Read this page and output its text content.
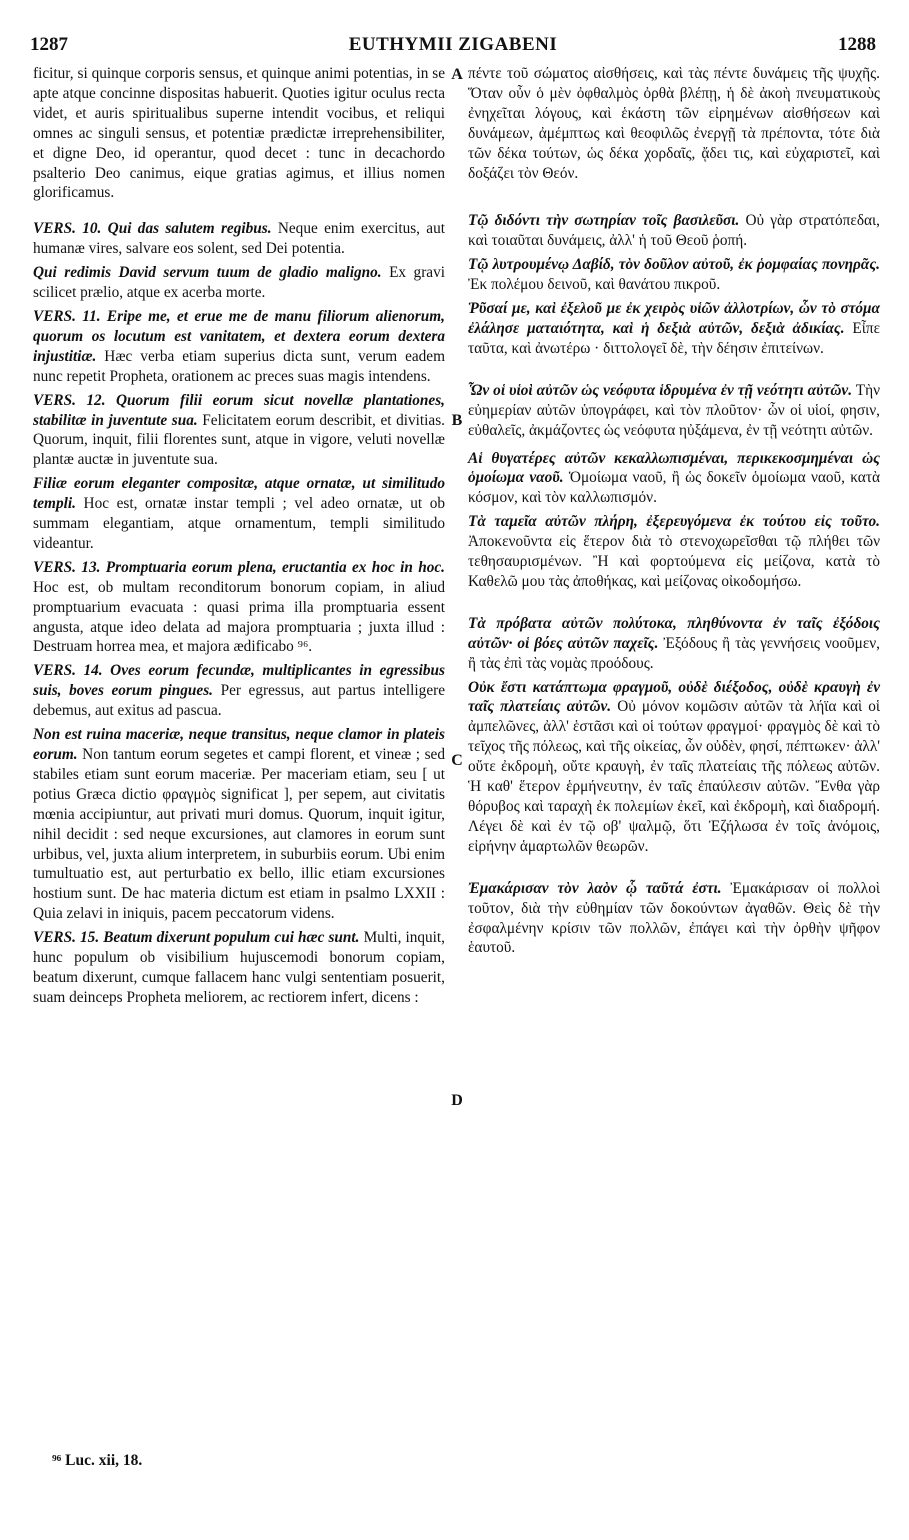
1287	EUTHYMII ZIGABENI	1288
A
B
C
D

ficitur, si quinque corporis sensus, et quinque animi potentias, in se apte atque concinne dispositas habuerit. Quoties igitur oculus recta videt, et auris spiritualibus superne intendit vocibus, et reliqui omnes ac singuli sensus, et potentiæ prædictæ irreprehensibiliter, et digne Deo, id operantur, quod decet : tunc in decachordo psalterio Deo canimus, eique gratias agimus, et illius nomen glorificamus.

VERS. 10. Qui das salutem regibus. Neque enim exercitus, aut humanæ vires, salvare eos solent, sed Dei potentia.

Qui redimis David servum tuum de gladio maligno. Ex gravi scilicet prælio, atque ex acerba morte.

VERS. 11. Eripe me, et erue me de manu filiorum alienorum, quorum os locutum est vanitatem, et dextera eorum dextera injustitiæ. Hæc verba etiam superius dicta sunt, verum eadem nunc repetit Propheta, orationem ac preces suas magis intendens.

VERS. 12. Quorum filii eorum sicut novellæ plantationes, stabilitæ in juventute sua. Felicitatem eorum describit, et divitias. Quorum, inquit, filii florentes sunt, atque in vigore, veluti novellæ plantæ auctæ in juventute sua.

Filiæ eorum eleganter compositæ, atque ornatæ, ut similitudo templi. Hoc est, ornatæ instar templi ; vel adeo ornatæ, ut ob summam elegantiam, atque ornamentum, templi similitudo videantur.

VERS. 13. Promptuaria eorum plena, eructantia ex hoc in hoc. Hoc est, ob multam reconditorum bonorum copiam, in aliud promptuarium evacuata : quasi prima illa promptuaria essent angusta, atque ideo delata ad majora promptuaria ; juxta illud : Destruam horrea mea, et majora ædificabo ⁹⁶.

VERS. 14. Oves eorum fecundæ, multiplicantes in egressibus suis, boves eorum pingues. Per egressus, aut partus intelligere debemus, aut exitus ad pascua.

Non est ruina maceriæ, neque transitus, neque clamor in plateis eorum. Non tantum eorum segetes et campi florent, et vineæ ; sed stabiles etiam sunt eorum maceriæ. Per maceriam etiam, seu [ ut potius Græca dictio φραγμὸς significat ], per sepem, aut civitatis mœnia accipiuntur, aut privati muri domus. Quorum, inquit igitur, nihil decidit : sed neque excursiones, aut clamores in eorum sunt urbibus, vel, juxta alium interpretem, in suburbiis eorum. Ubi enim tumultuatio est, aut perturbatio ex bello, illic etiam excursiones hostium sunt. De hac materia dictum est etiam in psalmo LXXII : Quia zelavi in iniquis, pacem peccatorum videns.

VERS. 15. Beatum dixerunt populum cui hæc sunt. Multi, inquit, hunc populum ob visibilium hujuscemodi bonorum copiam, beatum dixerunt, cumque fallacem hanc vulgi sententiam posuerit, suam deinceps Propheta meliorem, ac rectiorem infert, dicens :

πέντε τοῦ σώματος αἰσθήσεις, καὶ τὰς πέντε δυνάμεις τῆς ψυχῆς. Ὅταν οὖν ὁ μὲν ὀφθαλμὸς ὀρθὰ βλέπῃ, ἡ δὲ ἀκοὴ πνευματικοὺς ἐνηχεῖται λόγους, καὶ ἑκάστη τῶν εἰρημένων αἰσθήσεων καὶ δυνάμεων, ἀμέμπτως καὶ θεοφιλῶς ἐνεργῇ τὰ πρέποντα, τότε διὰ τῶν δέκα τούτων, ὡς δέκα χορδαῖς, ᾄδει τις, καὶ εὐχαριστεῖ, καὶ δοξάζει τὸν Θεόν.

Τῷ διδόντι τὴν σωτηρίαν τοῖς βασιλεῦσι. Οὐ γὰρ στρατόπεδαι, καὶ τοιαῦται δυνάμεις, ἀλλ' ἡ τοῦ Θεοῦ ῥοπή.

Τῷ λυτρουμένῳ Δαβίδ, τὸν δοῦλον αὐτοῦ, ἐκ ῥομφαίας πονηρᾶς. Ἐκ πολέμου δεινοῦ, καὶ θανάτου πικροῦ.

Ῥῦσαί με, καὶ ἐξελοῦ με ἐκ χειρὸς υἱῶν ἀλλοτρίων, ὧν τὸ στόμα ἐλάλησε ματαιότητα, καὶ ἡ δεξιὰ αὐτῶν, δεξιὰ ἀδικίας. Εἶπε ταῦτα, καὶ ἀνωτέρω · διττολογεῖ δὲ, τὴν δέησιν ἐπιτείνων.

Ὧν οἱ υἱοὶ αὐτῶν ὡς νεόφυτα ἱδρυμένα ἐν τῇ νεότητι αὐτῶν. Τὴν εὐημερίαν αὐτῶν ὑπογράφει, καὶ τὸν πλοῦτον· ὧν οἱ υἱοί, φησιν, εὐθαλεῖς, ἀκμάζοντες ὡς νεόφυτα ηὐξάμενα, ἐν τῇ νεότητι αὐτῶν.

Αἱ θυγατέρες αὐτῶν κεκαλλωπισμέναι, περικεκοσμημέναι ὡς ὁμοίωμα ναοῦ. Ὁμοίωμα ναοῦ, ἢ ὡς δοκεῖν ὁμοίωμα ναοῦ, κατὰ κόσμον, καὶ τὸν καλλωπισμόν.

Τὰ ταμεῖα αὐτῶν πλήρη, ἐξερευγόμενα ἐκ τούτου εἰς τοῦτο. Ἀποκενοῦντα εἰς ἕτερον διὰ τὸ στενοχωρεῖσθαι τῷ πλήθει τῶν τεθησαυρισμένων. Ἢ καὶ φορτούμενα εἰς μείζονα, κατὰ τὸ Καθελῶ μου τὰς ἀποθήκας, καὶ μείζονας οἰκοδομήσω.

Τὰ πρόβατα αὐτῶν πολύτοκα, πληθύνοντα ἐν ταῖς ἐξόδοις αὐτῶν· οἱ βόες αὐτῶν παχεῖς. Ἐξόδους ἢ τὰς γεννήσεις νοοῦμεν, ἢ τὰς ἐπὶ τὰς νομὰς προόδους.

Οὐκ ἔστι κατάπτωμα φραγμοῦ, οὐδὲ διέξοδος, οὐδὲ κραυγὴ ἐν ταῖς πλατείαις αὐτῶν. Οὐ μόνον κομῶσιν αὐτῶν τὰ λήϊα καὶ οἱ ἀμπελῶνες, ἀλλ' ἑστᾶσι καὶ οἱ τούτων φραγμοί· φραγμὸς δὲ καὶ τὸ τεῖχος τῆς πόλεως, καὶ τῆς οἰκείας, ὧν οὐδὲν, φησί, πέπτωκεν· ἀλλ' οὔτε ἐκδρομὴ, οὔτε κραυγὴ, ἐν ταῖς πλατείαις τῆς πόλεως αὐτῶν. Ἡ καθ' ἕτερον ἑρμήνευτην, ἐν ταῖς ἐπαύλεσιν αὐτῶν. Ἔνθα γὰρ θόρυβος καὶ ταραχὴ ἐκ πολεμίων ἐκεῖ, καὶ ἐκδρομὴ, καὶ διαδρομή. Λέγει δὲ καὶ ἐν τῷ οβ' ψαλμῷ, ὅτι Ἐζήλωσα ἐν τοῖς ἀνόμοις, εἰρήνην ἁμαρτωλῶν θεωρῶν.

Ἐμακάρισαν τὸν λαὸν ᾧ ταῦτά ἐστι. Ἐμακάρισαν οἱ πολλοὶ τοῦτον, διὰ τὴν εὐθημίαν τῶν δοκούντων ἀγαθῶν. Θεὶς δὲ τὴν ἐσφαλμένην κρίσιν τῶν πολλῶν, ἐπάγει καὶ τὴν ὀρθὴν ψῆφον ἑαυτοῦ.

⁹⁶ Luc. xii, 18.
